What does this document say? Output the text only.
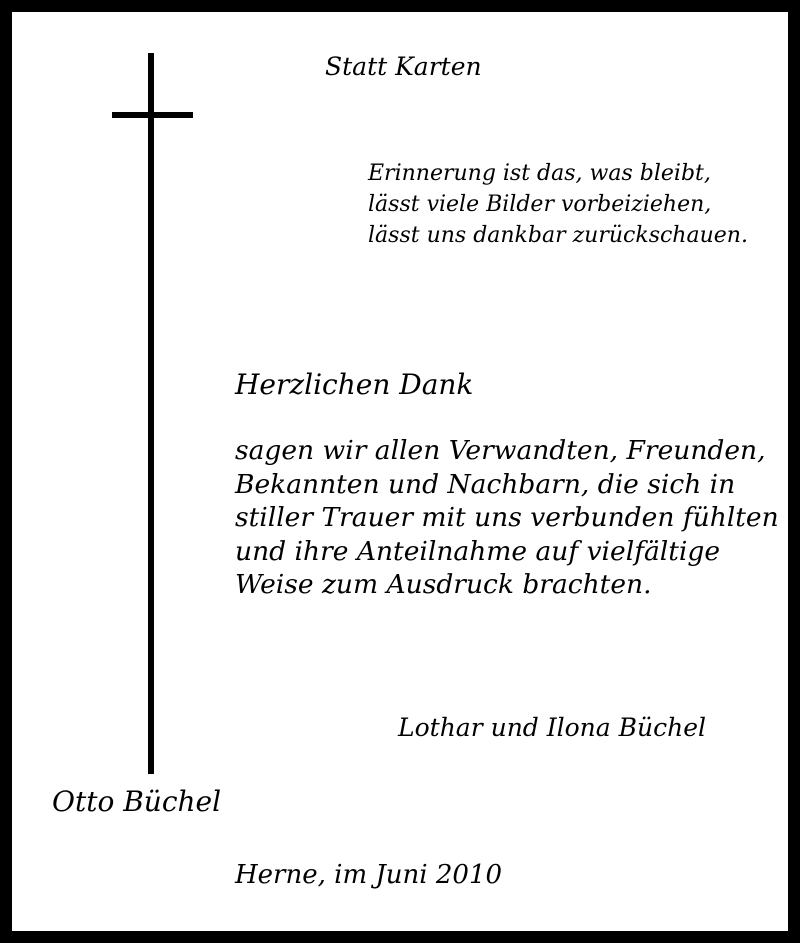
Statt Karten

Erinnerung ist das, was bleibt,
lässt viele Bilder vorbeiziehen,
lässt uns dankbar zurückschauen.

Herzlichen Dank

sagen wir allen Verwandten, Freunden,
Bekannten und Nachbarn, die sich in
stiller Trauer mit uns verbunden fühlten
und ihre Anteilnahme auf vielfältige
Weise zum Ausdruck brachten.

Lothar und Ilona Büchel

Otto Büchel

Herne, im Juni 2010
